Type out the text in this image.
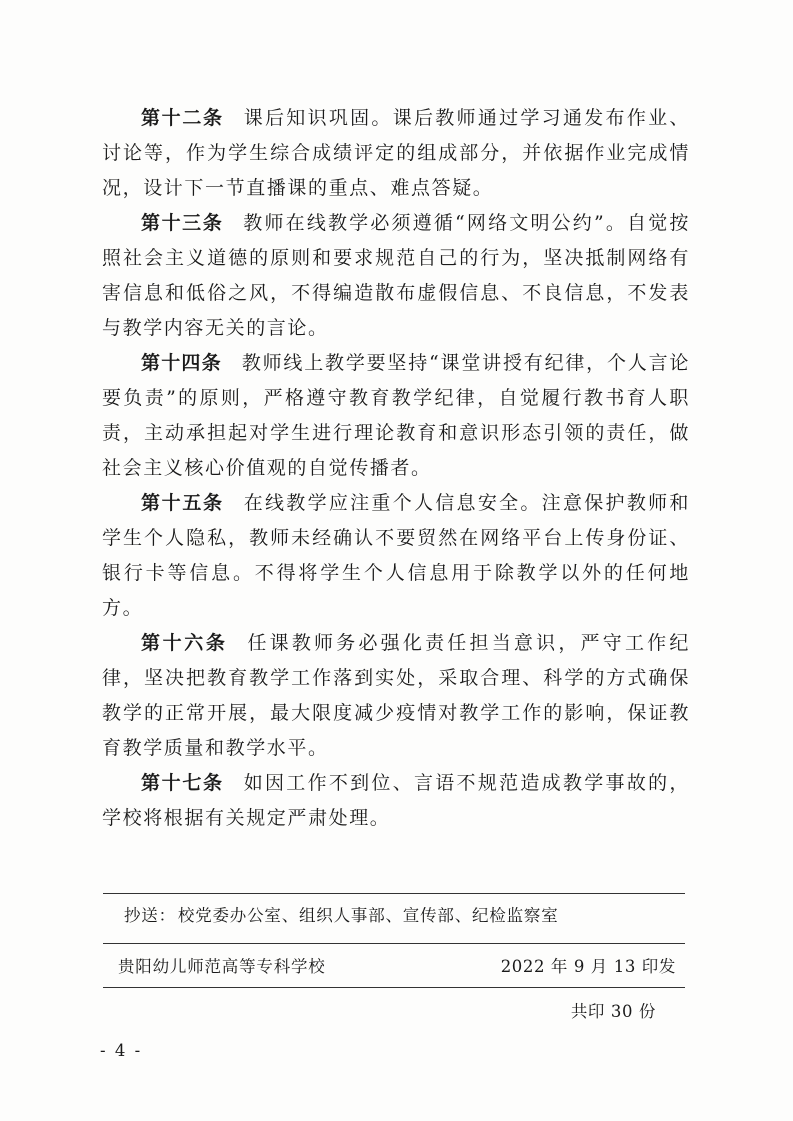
第十二条 课后知识巩固。课后教师通过学习通发布作业、讨论等，作为学生综合成绩评定的组成部分，并依据作业完成情况，设计下一节直播课的重点、难点答疑。

第十三条 教师在线教学必须遵循“网络文明公约”。自觉按照社会主义道德的原则和要求规范自己的行为，坚决抵制网络有害信息和低俗之风，不得编造散布虚假信息、不良信息，不发表与教学内容无关的言论。

第十四条 教师线上教学要坚持“课堂讲授有纪律，个人言论要负责”的原则，严格遵守教育教学纪律，自觉履行教书育人职责，主动承担起对学生进行理论教育和意识形态引领的责任，做社会主义核心价值观的自觉传播者。

第十五条 在线教学应注重个人信息安全。注意保护教师和学生个人隐私，教师未经确认不要贸然在网络平台上传身份证、银行卡等信息。不得将学生个人信息用于除教学以外的任何地方。

第十六条 任课教师务必强化责任担当意识，严守工作纪律，坚决把教育教学工作落到实处，采取合理、科学的方式确保教学的正常开展，最大限度减少疫情对教学工作的影响，保证教育教学质量和教学水平。

第十七条 如因工作不到位、言语不规范造成教学事故的，学校将根据有关规定严肃处理。

抄送： 校党委办公室、组织人事部、宣传部、纪检监察室
贵阳幼儿师范高等专科学校	2022 年 9 月 13 印发
共印 30 份
- 4 -
